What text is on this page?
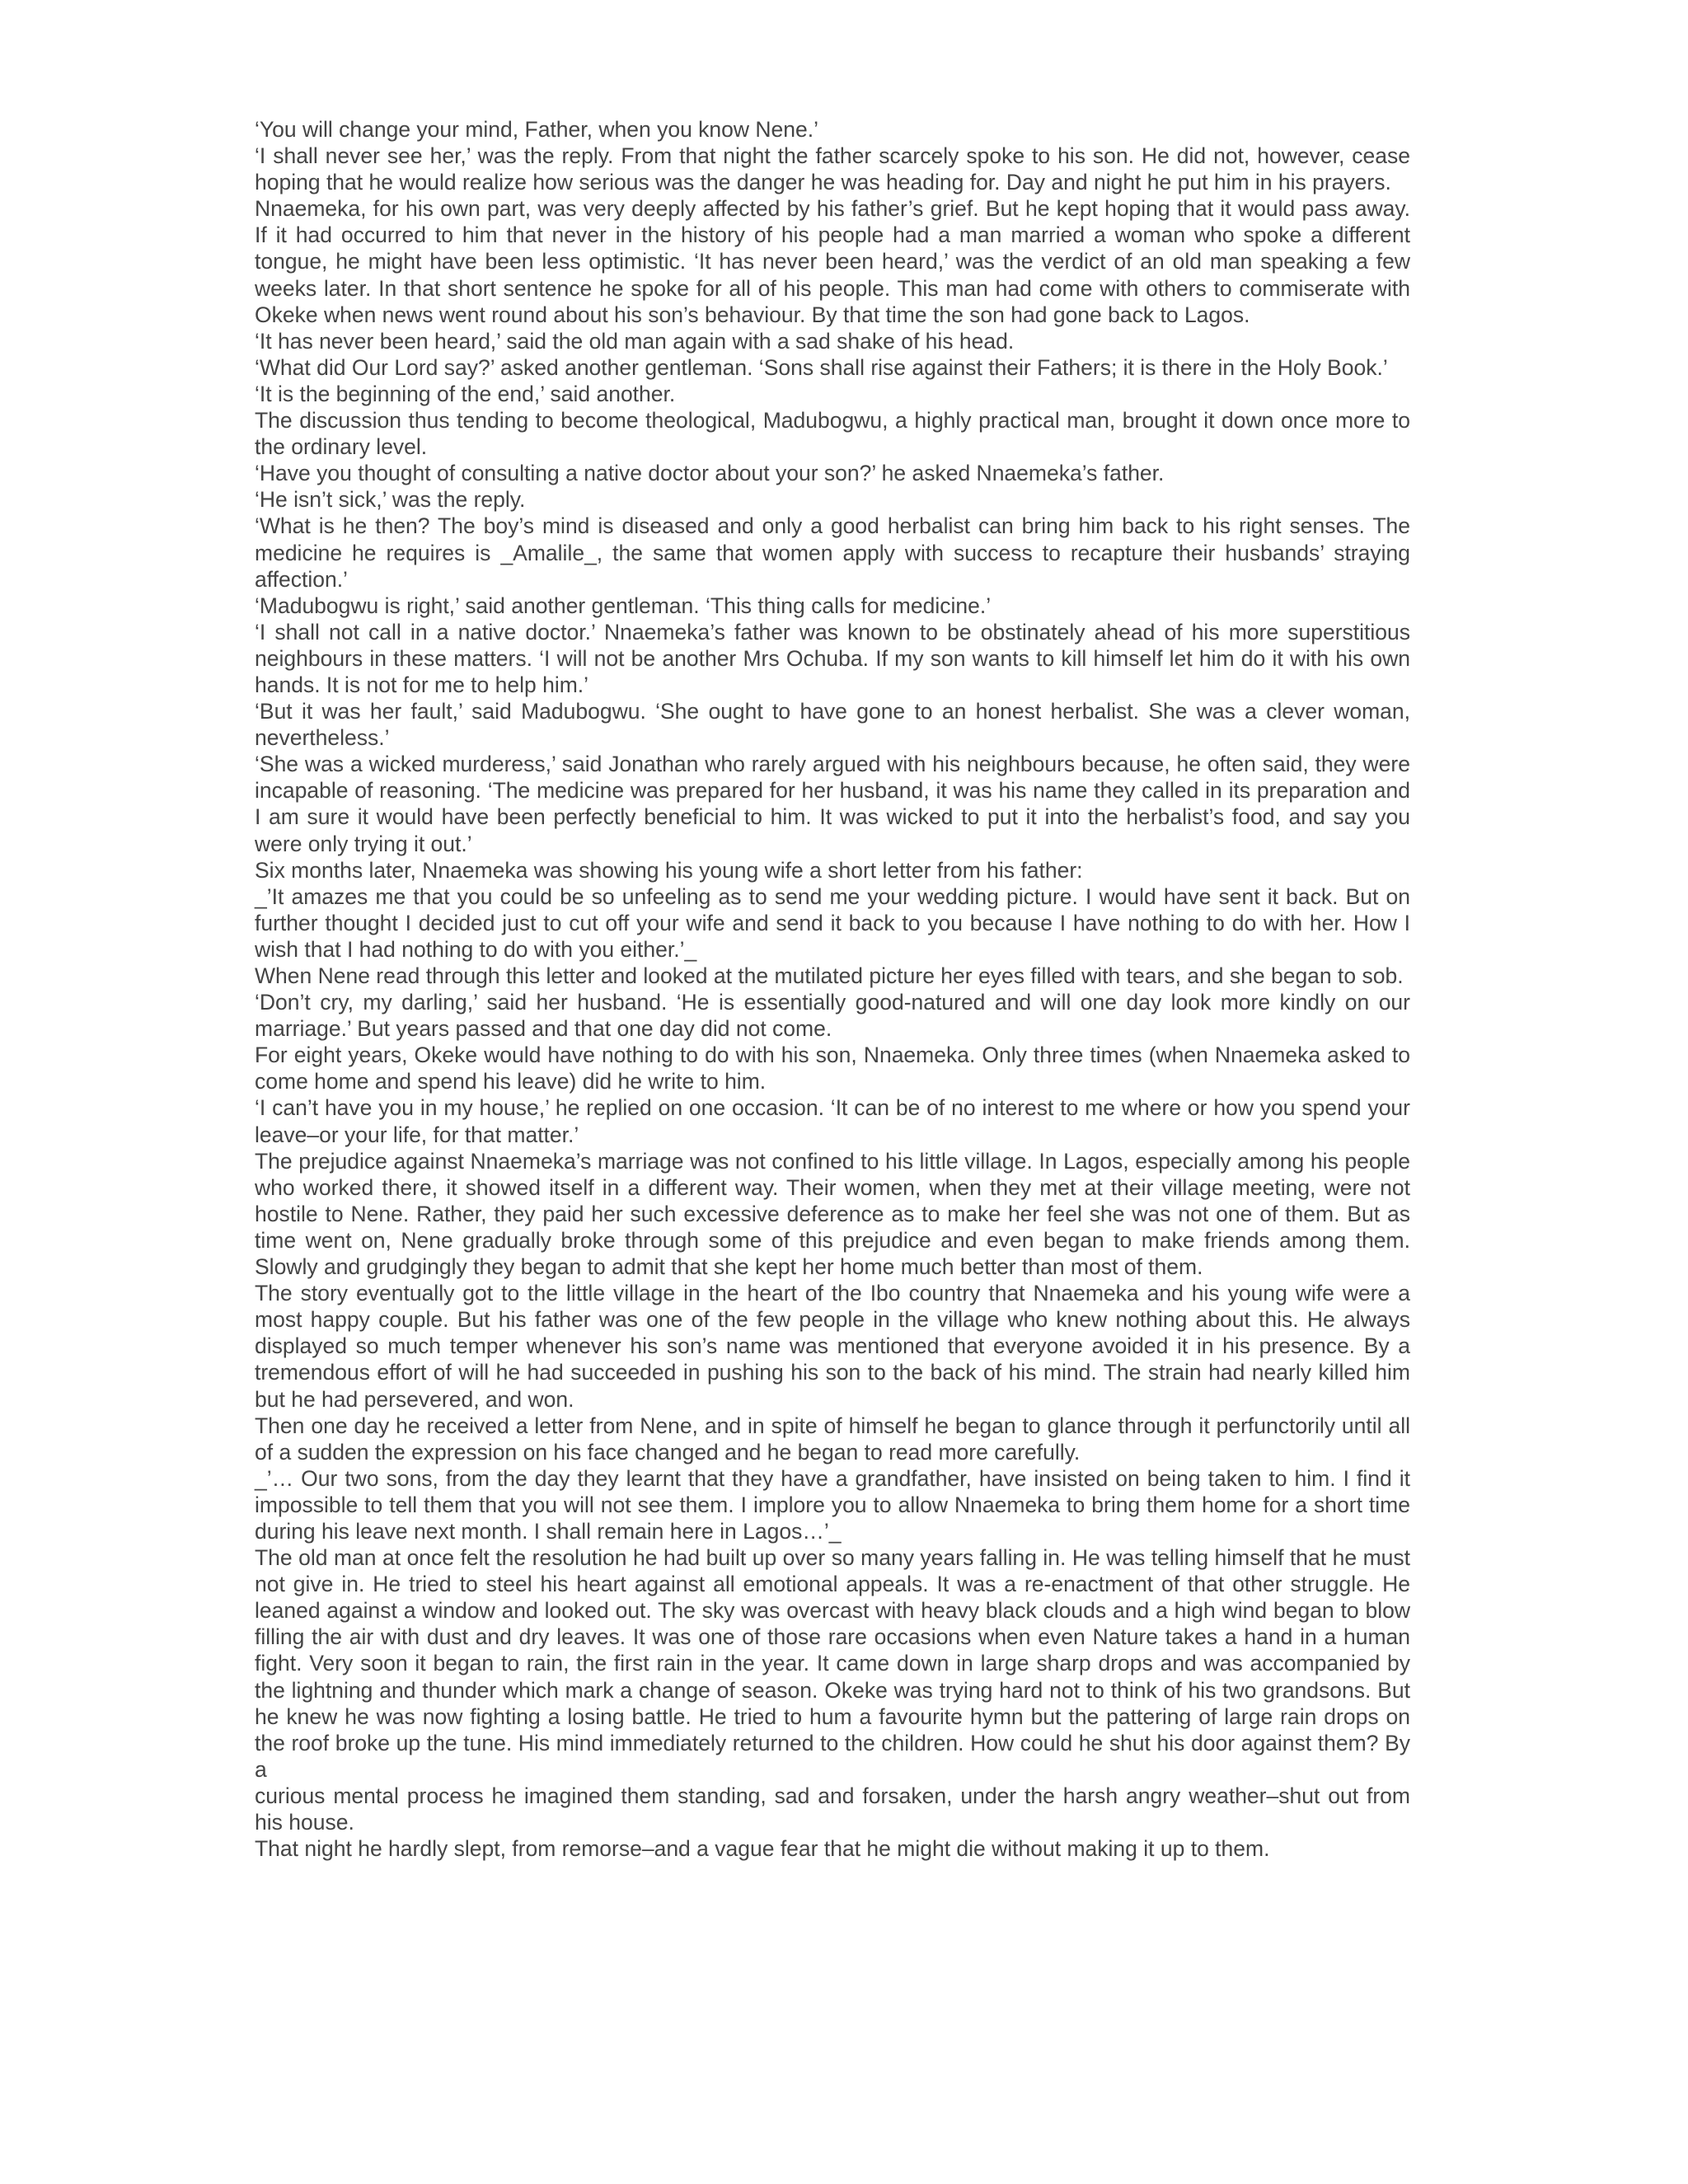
‘You will change your mind, Father, when you know Nene.’

‘I shall never see her,’ was the reply. From that night the father scarcely spoke to his son. He did not, however, cease hoping that he would realize how serious was the danger he was heading for. Day and night he put him in his prayers.

Nnaemeka, for his own part, was very deeply affected by his father’s grief. But he kept hoping that it would pass away. If it had occurred to him that never in the history of his people had a man married a woman who spoke a different tongue, he might have been less optimistic. ‘It has never been heard,’ was the verdict of an old man speaking a few weeks later. In that short sentence he spoke for all of his people. This man had come with others to commiserate with Okeke when news went round about his son’s behaviour. By that time the son had gone back to Lagos.

‘It has never been heard,’ said the old man again with a sad shake of his head.

‘What did Our Lord say?’ asked another gentleman. ‘Sons shall rise against their Fathers; it is there in the Holy Book.’

‘It is the beginning of the end,’ said another.

The discussion thus tending to become theological, Madubogwu, a highly practical man, brought it down once more to the ordinary level.

‘Have you thought of consulting a native doctor about your son?’ he asked Nnaemeka’s father.

‘He isn’t sick,’ was the reply.

‘What is he then? The boy’s mind is diseased and only a good herbalist can bring him back to his right senses. The medicine he requires is _Amalile_, the same that women apply with success to recapture their husbands’ straying affection.’

‘Madubogwu is right,’ said another gentleman. ‘This thing calls for medicine.’

‘I shall not call in a native doctor.’ Nnaemeka’s father was known to be obstinately ahead of his more superstitious neighbours in these matters. ‘I will not be another Mrs Ochuba. If my son wants to kill himself let him do it with his own hands. It is not for me to help him.’

‘But it was her fault,’ said Madubogwu. ‘She ought to have gone to an honest herbalist. She was a clever woman, nevertheless.’

‘She was a wicked murderess,’ said Jonathan who rarely argued with his neighbours because, he often said, they were incapable of reasoning. ‘The medicine was prepared for her husband, it was his name they called in its preparation and I am sure it would have been perfectly beneficial to him. It was wicked to put it into the herbalist’s food, and say you were only trying it out.’

Six months later, Nnaemeka was showing his young wife a short letter from his father:

_’It amazes me that you could be so unfeeling as to send me your wedding picture. I would have sent it back. But on further thought I decided just to cut off your wife and send it back to you because I have nothing to do with her. How I wish that I had nothing to do with you either.’_

When Nene read through this letter and looked at the mutilated picture her eyes filled with tears, and she began to sob.

‘Don’t cry, my darling,’ said her husband. ‘He is essentially good-natured and will one day look more kindly on our marriage.’ But years passed and that one day did not come.

For eight years, Okeke would have nothing to do with his son, Nnaemeka. Only three times (when Nnaemeka asked to come home and spend his leave) did he write to him.

‘I can’t have you in my house,’ he replied on one occasion. ‘It can be of no interest to me where or how you spend your leave–or your life, for that matter.’

The prejudice against Nnaemeka’s marriage was not confined to his little village. In Lagos, especially among his people who worked there, it showed itself in a different way. Their women, when they met at their village meeting, were not hostile to Nene. Rather, they paid her such excessive deference as to make her feel she was not one of them. But as time went on, Nene gradually broke through some of this prejudice and even began to make friends among them. Slowly and grudgingly they began to admit that she kept her home much better than most of them.

The story eventually got to the little village in the heart of the Ibo country that Nnaemeka and his young wife were a most happy couple. But his father was one of the few people in the village who knew nothing about this. He always displayed so much temper whenever his son’s name was mentioned that everyone avoided it in his presence. By a tremendous effort of will he had succeeded in pushing his son to the back of his mind. The strain had nearly killed him but he had persevered, and won.

Then one day he received a letter from Nene, and in spite of himself he began to glance through it perfunctorily until all of a sudden the expression on his face changed and he began to read more carefully.

_’… Our two sons, from the day they learnt that they have a grandfather, have insisted on being taken to him. I find it impossible to tell them that you will not see them. I implore you to allow Nnaemeka to bring them home for a short time during his leave next month. I shall remain here in Lagos…’_

The old man at once felt the resolution he had built up over so many years falling in. He was telling himself that he must not give in. He tried to steel his heart against all emotional appeals. It was a re-enactment of that other struggle. He leaned against a window and looked out. The sky was overcast with heavy black clouds and a high wind began to blow filling the air with dust and dry leaves. It was one of those rare occasions when even Nature takes a hand in a human fight. Very soon it began to rain, the first rain in the year. It came down in large sharp drops and was accompanied by the lightning and thunder which mark a change of season. Okeke was trying hard not to think of his two grandsons. But he knew he was now fighting a losing battle. He tried to hum a favourite hymn but the pattering of large rain drops on the roof broke up the tune. His mind immediately returned to the children. How could he shut his door against them? By a

curious mental process he imagined them standing, sad and forsaken, under the harsh angry weather–shut out from his house.

That night he hardly slept, from remorse–and a vague fear that he might die without making it up to them.
